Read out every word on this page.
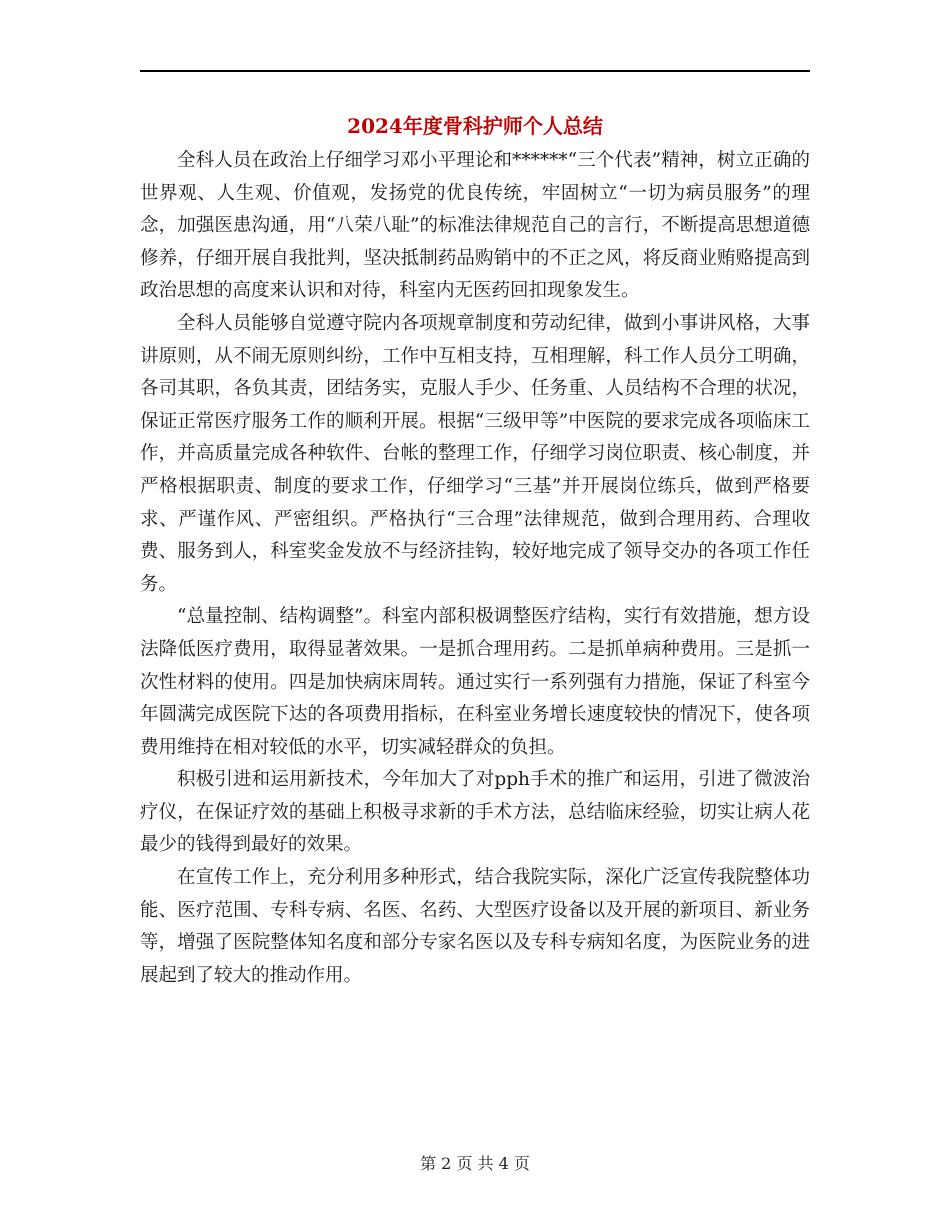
2024年度骨科护师个人总结

全科人员在政治上仔细学习邓小平理论和******“三个代表”精神，树立正确的世界观、人生观、价值观，发扬党的优良传统，牢固树立“一切为病员服务”的理念，加强医患沟通，用“八荣八耻”的标准法律规范自己的言行，不断提高思想道德修养，仔细开展自我批判，坚决抵制药品购销中的不正之风，将反商业贿赂提高到政治思想的高度来认识和对待，科室内无医药回扣现象发生。

全科人员能够自觉遵守院内各项规章制度和劳动纪律，做到小事讲风格，大事讲原则，从不闹无原则纠纷，工作中互相支持，互相理解，科工作人员分工明确，各司其职，各负其责，团结务实，克服人手少、任务重、人员结构不合理的状况，保证正常医疗服务工作的顺利开展。根据“三级甲等”中医院的要求完成各项临床工作，并高质量完成各种软件、台帐的整理工作，仔细学习岗位职责、核心制度，并严格根据职责、制度的要求工作，仔细学习“三基”并开展岗位练兵，做到严格要求、严谨作风、严密组织。严格执行“三合理”法律规范，做到合理用药、合理收费、服务到人，科室奖金发放不与经济挂钩，较好地完成了领导交办的各项工作任务。

“总量控制、结构调整”。科室内部积极调整医疗结构，实行有效措施，想方设法降低医疗费用，取得显著效果。一是抓合理用药。二是抓单病种费用。三是抓一次性材料的使用。四是加快病床周转。通过实行一系列强有力措施，保证了科室今年圆满完成医院下达的各项费用指标，在科室业务增长速度较快的情况下，使各项费用维持在相对较低的水平，切实减轻群众的负担。

积极引进和运用新技术，今年加大了对pph手术的推广和运用，引进了微波治疗仪，在保证疗效的基础上积极寻求新的手术方法，总结临床经验，切实让病人花最少的钱得到最好的效果。

在宣传工作上，充分利用多种形式，结合我院实际，深化广泛宣传我院整体功能、医疗范围、专科专病、名医、名药、大型医疗设备以及开展的新项目、新业务等，增强了医院整体知名度和部分专家名医以及专科专病知名度，为医院业务的进展起到了较大的推动作用。

第 2 页 共 4 页
